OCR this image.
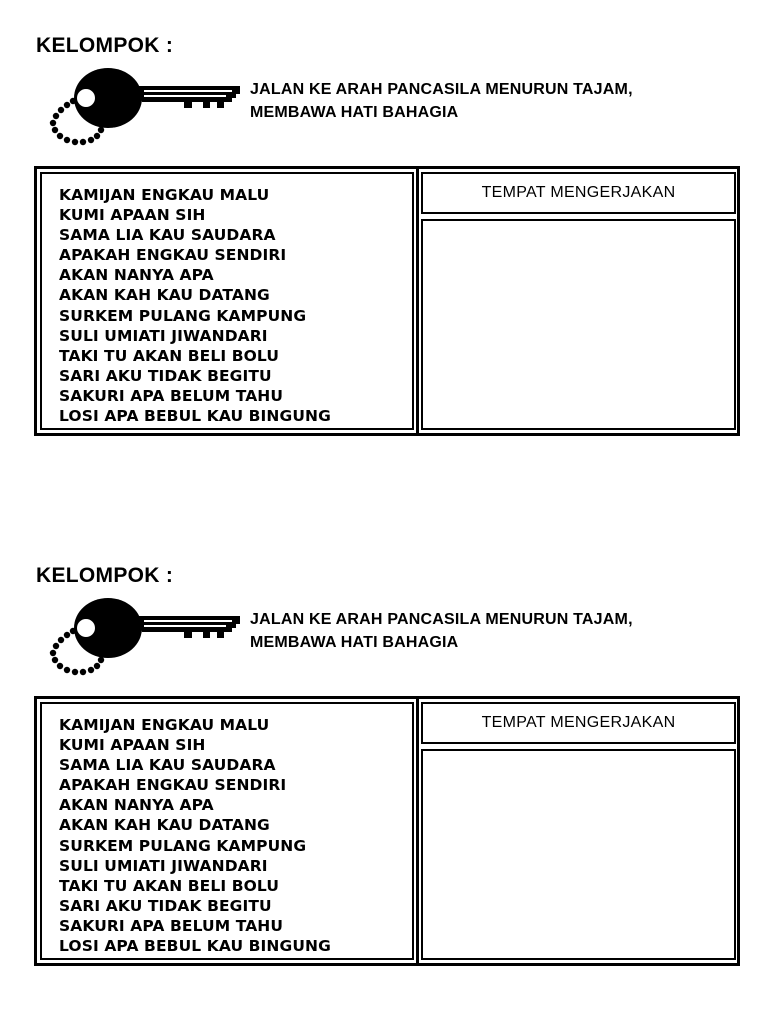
KELOMPOK :
JALAN KE ARAH PANCASILA MENURUN TAJAM,
MEMBAWA HATI BAHAGIA
KAMIJAN ENGKAU MALU
KUMI APAAN SIH
SAMA LIA KAU SAUDARA
APAKAH ENGKAU SENDIRI
AKAN NANYA APA
AKAN KAH KAU DATANG
SURKEM PULANG KAMPUNG
SULI UMIATI JIWANDARI
TAKI TU AKAN BELI BOLU
SARI AKU TIDAK BEGITU
SAKURI APA BELUM TAHU
LOSI APA BEBUL KAU BINGUNG
TEMPAT MENGERJAKAN
KELOMPOK :
JALAN KE ARAH PANCASILA MENURUN TAJAM,
MEMBAWA HATI BAHAGIA
KAMIJAN ENGKAU MALU
KUMI APAAN SIH
SAMA LIA KAU SAUDARA
APAKAH ENGKAU SENDIRI
AKAN NANYA APA
AKAN KAH KAU DATANG
SURKEM PULANG KAMPUNG
SULI UMIATI JIWANDARI
TAKI TU AKAN BELI BOLU
SARI AKU TIDAK BEGITU
SAKURI APA BELUM TAHU
LOSI APA BEBUL KAU BINGUNG
TEMPAT MENGERJAKAN
